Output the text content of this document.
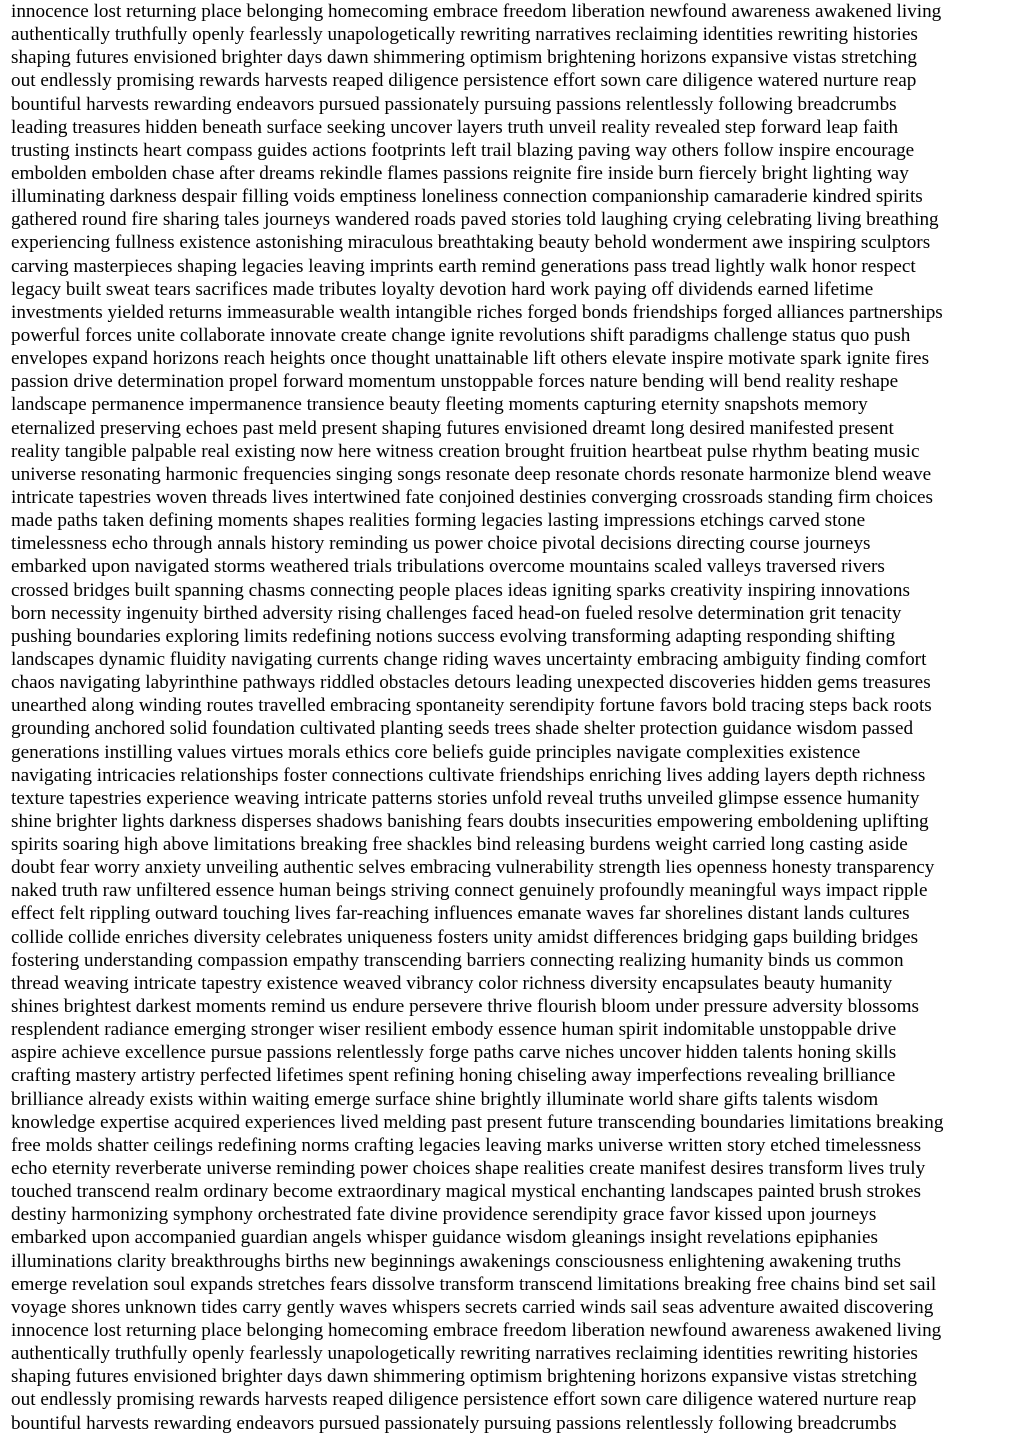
innocence lost returning place belonging homecoming embrace freedom liberation newfound awareness awakened living
authentically truthfully openly fearlessly unapologetically rewriting narratives reclaiming identities rewriting histories
shaping futures envisioned brighter days dawn shimmering optimism brightening horizons expansive vistas stretching
out endlessly promising rewards harvests reaped diligence persistence effort sown care diligence watered nurture reap
bountiful harvests rewarding endeavors pursued passionately pursuing passions relentlessly following breadcrumbs
leading treasures hidden beneath surface seeking uncover layers truth unveil reality revealed step forward leap faith
trusting instincts heart compass guides actions footprints left trail blazing paving way others follow inspire encourage
embolden embolden chase after dreams rekindle flames passions reignite fire inside burn fiercely bright lighting way
illuminating darkness despair filling voids emptiness loneliness connection companionship camaraderie kindred spirits
gathered round fire sharing tales journeys wandered roads paved stories told laughing crying celebrating living breathing
experiencing fullness existence astonishing miraculous breathtaking beauty behold wonderment awe inspiring sculptors
carving masterpieces shaping legacies leaving imprints earth remind generations pass tread lightly walk honor respect
legacy built sweat tears sacrifices made tributes loyalty devotion hard work paying off dividends earned lifetime
investments yielded returns immeasurable wealth intangible riches forged bonds friendships forged alliances partnerships
powerful forces unite collaborate innovate create change ignite revolutions shift paradigms challenge status quo push
envelopes expand horizons reach heights once thought unattainable lift others elevate inspire motivate spark ignite fires
passion drive determination propel forward momentum unstoppable forces nature bending will bend reality reshape
landscape permanence impermanence transience beauty fleeting moments capturing eternity snapshots memory
eternalized preserving echoes past meld present shaping futures envisioned dreamt long desired manifested present
reality tangible palpable real existing now here witness creation brought fruition heartbeat pulse rhythm beating music
universe resonating harmonic frequencies singing songs resonate deep resonate chords resonate harmonize blend weave
intricate tapestries woven threads lives intertwined fate conjoined destinies converging crossroads standing firm choices
made paths taken defining moments shapes realities forming legacies lasting impressions etchings carved stone
timelessness echo through annals history reminding us power choice pivotal decisions directing course journeys
embarked upon navigated storms weathered trials tribulations overcome mountains scaled valleys traversed rivers
crossed bridges built spanning chasms connecting people places ideas igniting sparks creativity inspiring innovations
born necessity ingenuity birthed adversity rising challenges faced head-on fueled resolve determination grit tenacity
pushing boundaries exploring limits redefining notions success evolving transforming adapting responding shifting
landscapes dynamic fluidity navigating currents change riding waves uncertainty embracing ambiguity finding comfort
chaos navigating labyrinthine pathways riddled obstacles detours leading unexpected discoveries hidden gems treasures
unearthed along winding routes travelled embracing spontaneity serendipity fortune favors bold tracing steps back roots
grounding anchored solid foundation cultivated planting seeds trees shade shelter protection guidance wisdom passed
generations instilling values virtues morals ethics core beliefs guide principles navigate complexities existence
navigating intricacies relationships foster connections cultivate friendships enriching lives adding layers depth richness
texture tapestries experience weaving intricate patterns stories unfold reveal truths unveiled glimpse essence humanity
shine brighter lights darkness disperses shadows banishing fears doubts insecurities empowering emboldening uplifting
spirits soaring high above limitations breaking free shackles bind releasing burdens weight carried long casting aside
doubt fear worry anxiety unveiling authentic selves embracing vulnerability strength lies openness honesty transparency
naked truth raw unfiltered essence human beings striving connect genuinely profoundly meaningful ways impact ripple
effect felt rippling outward touching lives far-reaching influences emanate waves far shorelines distant lands cultures
collide collide enriches diversity celebrates uniqueness fosters unity amidst differences bridging gaps building bridges
fostering understanding compassion empathy transcending barriers connecting realizing humanity binds us common
thread weaving intricate tapestry existence weaved vibrancy color richness diversity encapsulates beauty humanity
shines brightest darkest moments remind us endure persevere thrive flourish bloom under pressure adversity blossoms
resplendent radiance emerging stronger wiser resilient embody essence human spirit indomitable unstoppable drive
aspire achieve excellence pursue passions relentlessly forge paths carve niches uncover hidden talents honing skills
crafting mastery artistry perfected lifetimes spent refining honing chiseling away imperfections revealing brilliance
brilliance already exists within waiting emerge surface shine brightly illuminate world share gifts talents wisdom
knowledge expertise acquired experiences lived melding past present future transcending boundaries limitations breaking
free molds shatter ceilings redefining norms crafting legacies leaving marks universe written story etched timelessness
echo eternity reverberate universe reminding power choices shape realities create manifest desires transform lives truly
touched transcend realm ordinary become extraordinary magical mystical enchanting landscapes painted brush strokes
destiny harmonizing symphony orchestrated fate divine providence serendipity grace favor kissed upon journeys
embarked upon accompanied guardian angels whisper guidance wisdom gleanings insight revelations epiphanies
illuminations clarity breakthroughs births new beginnings awakenings consciousness enlightening awakening truths
emerge revelation soul expands stretches fears dissolve transform transcend limitations breaking free chains bind set sail
voyage shores unknown tides carry gently waves whispers secrets carried winds sail seas adventure awaited discovering
innocence lost returning place belonging homecoming embrace freedom liberation newfound awareness awakened living
authentically truthfully openly fearlessly unapologetically rewriting narratives reclaiming identities rewriting histories
shaping futures envisioned brighter days dawn shimmering optimism brightening horizons expansive vistas stretching
out endlessly promising rewards harvests reaped diligence persistence effort sown care diligence watered nurture reap
bountiful harvests rewarding endeavors pursued passionately pursuing passions relentlessly following breadcrumbs
